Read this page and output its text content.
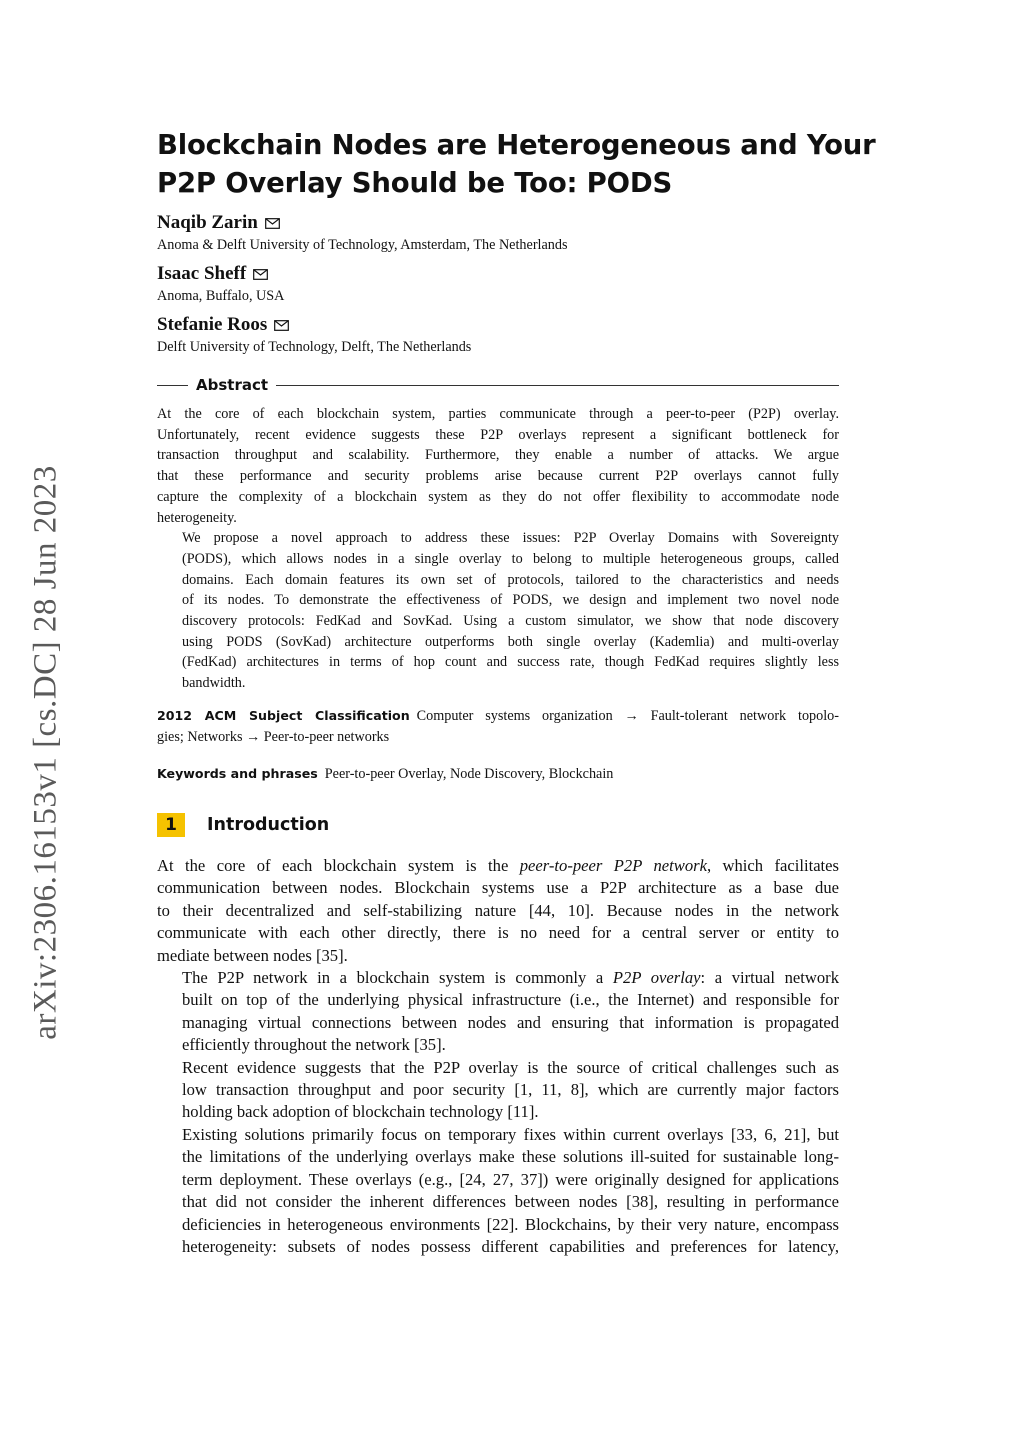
arXiv:2306.16153v1 [cs.DC] 28 Jun 2023
Blockchain Nodes are Heterogeneous and Your
P2P Overlay Should be Too: PODS
Naqib Zarin
Anoma & Delft University of Technology, Amsterdam, The Netherlands
Isaac Sheff
Anoma, Buffalo, USA
Stefanie Roos
Delft University of Technology, Delft, The Netherlands
Abstract

At the core of each blockchain system, parties communicate through a peer-to-peer (P2P) overlay.
Unfortunately, recent evidence suggests these P2P overlays represent a significant bottleneck for
transaction throughput and scalability. Furthermore, they enable a number of attacks. We argue
that these performance and security problems arise because current P2P overlays cannot fully
capture the complexity of a blockchain system as they do not offer flexibility to accommodate node
heterogeneity.

We propose a novel approach to address these issues: P2P Overlay Domains with Sovereignty
(PODS), which allows nodes in a single overlay to belong to multiple heterogeneous groups, called
domains. Each domain features its own set of protocols, tailored to the characteristics and needs
of its nodes. To demonstrate the effectiveness of PODS, we design and implement two novel node
discovery protocols: FedKad and SovKad. Using a custom simulator, we show that node discovery
using PODS (SovKad) architecture outperforms both single overlay (Kademlia) and multi-overlay
(FedKad) architectures in terms of hop count and success rate, though FedKad requires slightly less
bandwidth.

2012 ACM Subject Classification Computer systems organization → Fault-tolerant network topolo-
gies; Networks → Peer-to-peer networks
Keywords and phrases Peer-to-peer Overlay, Node Discovery, Blockchain
1	Introduction

At the core of each blockchain system is the peer-to-peer P2P network, which facilitates
communication between nodes. Blockchain systems use a P2P architecture as a base due
to their decentralized and self-stabilizing nature [44, 10]. Because nodes in the network
communicate with each other directly, there is no need for a central server or entity to
mediate between nodes [35].

The P2P network in a blockchain system is commonly a P2P overlay: a virtual network
built on top of the underlying physical infrastructure (i.e., the Internet) and responsible for
managing virtual connections between nodes and ensuring that information is propagated
efficiently throughout the network [35].

Recent evidence suggests that the P2P overlay is the source of critical challenges such as
low transaction throughput and poor security [1, 11, 8], which are currently major factors
holding back adoption of blockchain technology [11].

Existing solutions primarily focus on temporary fixes within current overlays [33, 6, 21], but
the limitations of the underlying overlays make these solutions ill-suited for sustainable long-
term deployment. These overlays (e.g., [24, 27, 37]) were originally designed for applications
that did not consider the inherent differences between nodes [38], resulting in performance
deficiencies in heterogeneous environments [22]. Blockchains, by their very nature, encompass
heterogeneity: subsets of nodes possess different capabilities and preferences for latency,
